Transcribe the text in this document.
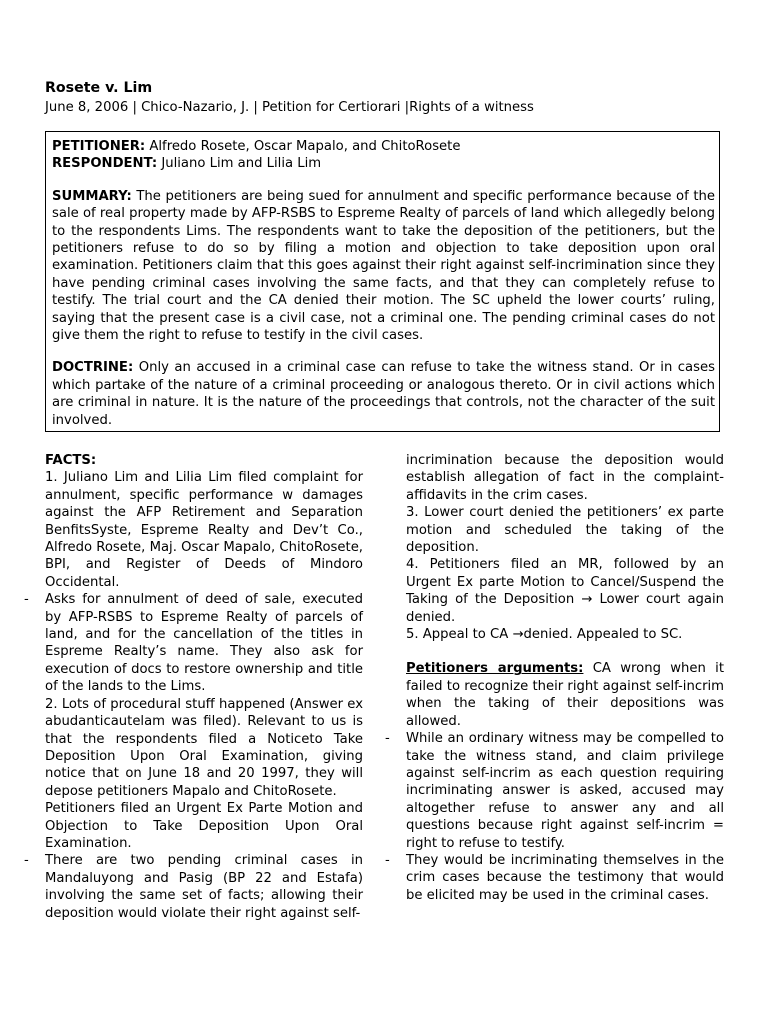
Rosete v. Lim
June 8, 2006 | Chico-Nazario, J. | Petition for Certiorari |Rights of a witness

PETITIONER: Alfredo Rosete, Oscar Mapalo, and ChitoRosete

RESPONDENT: Juliano Lim and Lilia Lim

SUMMARY: The petitioners are being sued for annulment and specific performance because of the sale of real property made by AFP-RSBS to Espreme Realty of parcels of land which allegedly belong to the respondents Lims. The respondents want to take the deposition of the petitioners, but the petitioners refuse to do so by filing a motion and objection to take deposition upon oral examination. Petitioners claim that this goes against their right against self-incrimination since they have pending criminal cases involving the same facts, and that they can completely refuse to testify. The trial court and the CA denied their motion. The SC upheld the lower courts’ ruling, saying that the present case is a civil case, not a criminal one. The pending criminal cases do not give them the right to refuse to testify in the civil cases.

DOCTRINE: Only an accused in a criminal case can refuse to take the witness stand. Or in cases which partake of the nature of a criminal proceeding or analogous thereto. Or in civil actions which are criminal in nature. It is the nature of the proceedings that controls, not the character of the suit involved.

FACTS:

1. Juliano Lim and Lilia Lim filed complaint for annulment, specific performance w damages against the AFP Retirement and Separation BenfitsSyste, Espreme Realty and Dev’t Co., Alfredo Rosete, Maj. Oscar Mapalo, ChitoRosete, BPI, and Register of Deeds of Mindoro Occidental.

- Asks for annulment of deed of sale, executed by AFP-RSBS to Espreme Realty of parcels of land, and for the cancellation of the titles in Espreme Realty’s name. They also ask for execution of docs to restore ownership and title of the lands to the Lims.

2. Lots of procedural stuff happened (Answer ex abudanticautelam was filed). Relevant to us is that the respondents filed a Noticeto Take Deposition Upon Oral Examination, giving notice that on June 18 and 20 1997, they will depose petitioners Mapalo and ChitoRosete.

Petitioners filed an Urgent Ex Parte Motion and Objection to Take Deposition Upon Oral Examination.

- There are two pending criminal cases in Mandaluyong and Pasig (BP 22 and Estafa) involving the same set of facts; allowing their deposition would violate their right against self-

incrimination because the deposition would establish allegation of fact in the complaint-affidavits in the crim cases.

3. Lower court denied the petitioners’ ex parte motion and scheduled the taking of the deposition.

4. Petitioners filed an MR, followed by an Urgent Ex parte Motion to Cancel/Suspend the Taking of the Deposition → Lower court again denied.

5. Appeal to CA →denied. Appealed to SC.

Petitioners arguments: CA wrong when it failed to recognize their right against self-incrim when the taking of their depositions was allowed.

- While an ordinary witness may be compelled to take the witness stand, and claim privilege against self-incrim as each question requiring incriminating answer is asked, accused may altogether refuse to answer any and all questions because right against self-incrim = right to refuse to testify.

- They would be incriminating themselves in the crim cases because the testimony that would be elicited may be used in the criminal cases.
